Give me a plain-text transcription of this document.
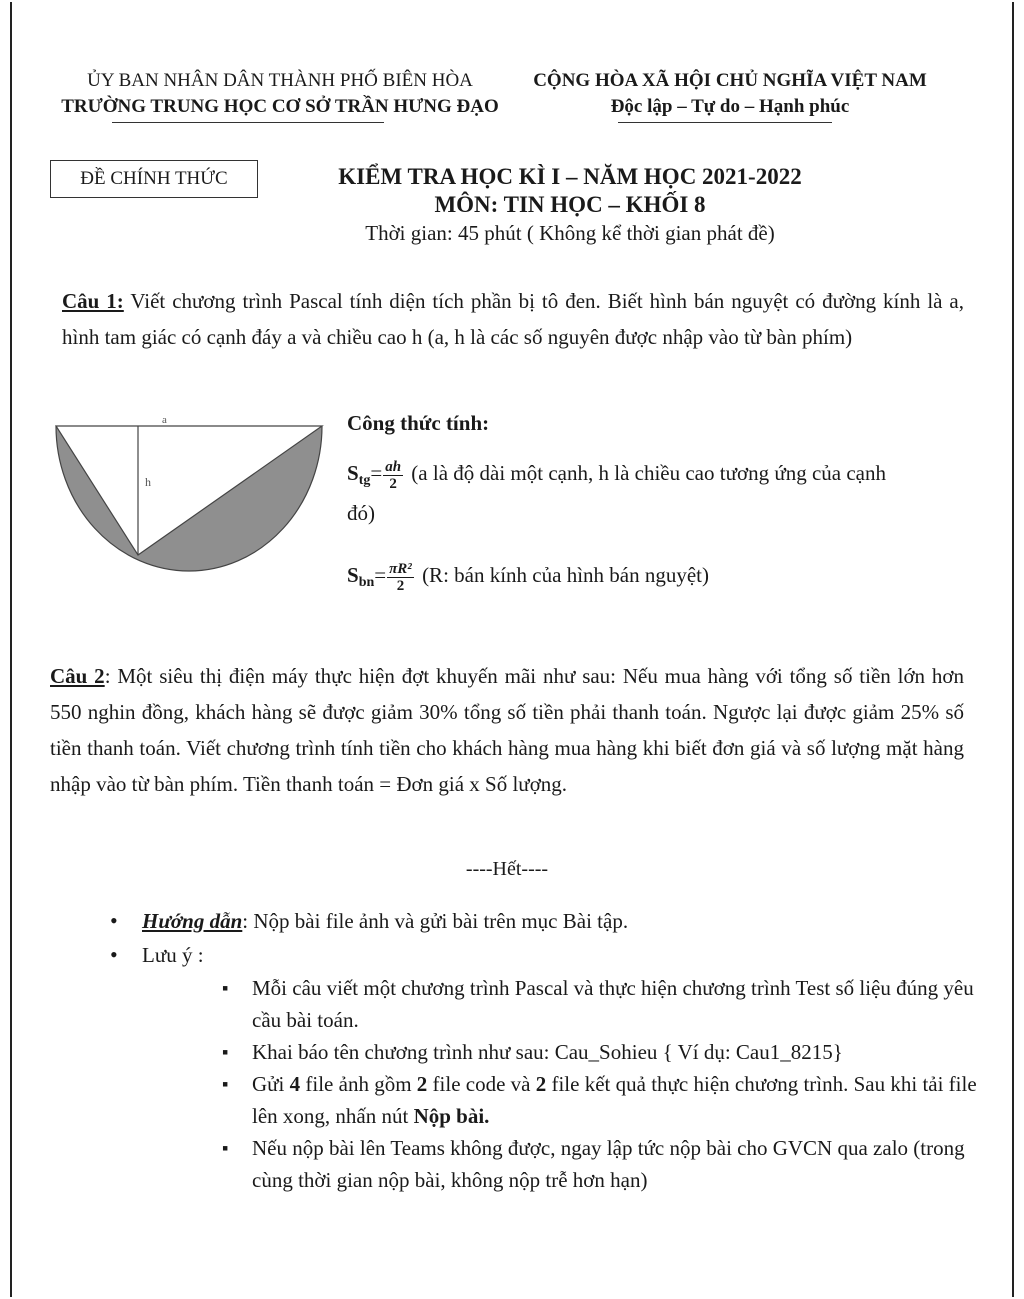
ỦY BAN NHÂN DÂN THÀNH PHỐ BIÊN HÒA
TRƯỜNG TRUNG HỌC CƠ SỞ TRẦN HƯNG ĐẠO
CỘNG HÒA XÃ HỘI CHỦ NGHĨA VIỆT NAM
Độc lập – Tự do – Hạnh phúc
ĐỀ CHÍNH THỨC	KIỂM TRA HỌC KÌ I – NĂM HỌC 2021-2022
MÔN: TIN HỌC – KHỐI 8
Thời gian: 45 phút ( Không kể thời gian phát đề)
Câu 1: Viết chương trình Pascal tính diện tích phần bị tô đen. Biết hình bán nguyệt có đường kính là a, hình tam giác có cạnh đáy a và chiều cao h (a, h là các số nguyên được nhập vào từ bàn phím)
a
h
Công thức tính:
$S_{tg}= \frac{ah}{2} (a$ là độ dài một cạnh, h là chiều cao tương ứng của cạnh
đó)
$S_{bn}= \frac{\text{πR²}}{2} (R$: bán kính của hình bán nguyệt)
Câu 2: Một siêu thị điện máy thực hiện đợt khuyến mãi như sau: Nếu mua hàng với tổng số tiền lớn hơn 550 nghin đồng, khách hàng sẽ được giảm 30% tổng số tiền phải thanh toán. Ngược lại được giảm 25% số tiền thanh toán. Viết chương trình tính tiền cho khách hàng mua hàng khi biết đơn giá và số lượng mặt hàng nhập vào từ bàn phím. Tiền thanh toán = Đơn giá x Số lượng.
----Hết----
• Hướng dẫn: Nộp bài file ảnh và gửi bài trên mục Bài tập.
• Lưu ý :
▪ Mỗi câu viết một chương trình Pascal và thực hiện chương trình Test số liệu đúng yêu cầu bài toán.
▪ Khai báo tên chương trình như sau: Cau_Sohieu { Ví dụ: Cau1_8215}
▪ Gửi 4 file ảnh gồm 2 file code và 2 file kết quả thực hiện chương trình. Sau khi tải file lên xong, nhấn nút Nộp bài.
▪ Nếu nộp bài lên Teams không được, ngay lập tức nộp bài cho GVCN qua zalo (trong cùng thời gian nộp bài, không nộp trễ hơn hạn)
